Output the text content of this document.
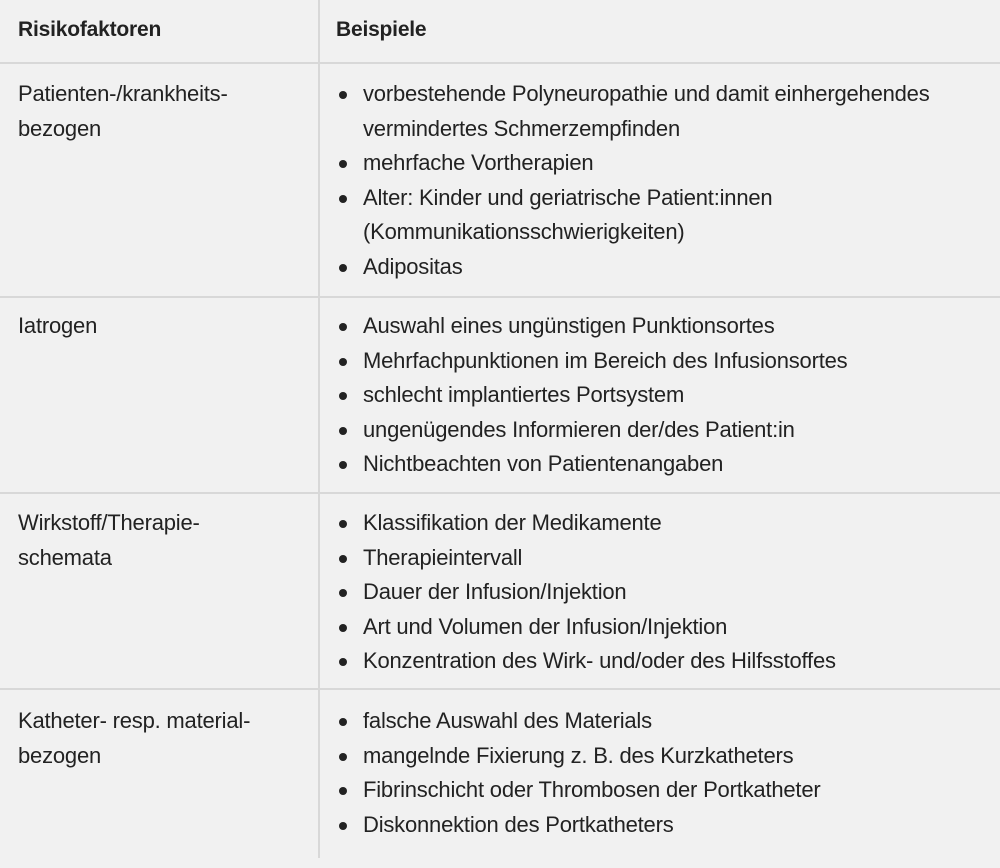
Risikofaktoren	Beispiele
Patienten-/krankheits-
bezogen
vorbestehende Polyneuropathie und damit einhergehendes vermindertes Schmerzempfinden
mehrfache Vortherapien
Alter: Kinder und geriatrische Patient:innen (Kommunikationsschwierigkeiten)
Adipositas
Iatrogen	Auswahl eines ungünstigen Punktionsortes
Mehrfachpunktionen im Bereich des Infusionsortes
schlecht implantiertes Portsystem
ungenügendes Informieren der/des Patient:in
Nichtbeachten von Patientenangaben
Wirkstoff/Therapie-
schemata
Klassifikation der Medikamente
Therapieintervall
Dauer der Infusion/Injektion
Art und Volumen der Infusion/Injektion
Konzentration des Wirk- und/oder des Hilfsstoffes
Katheter- resp. material-
bezogen
falsche Auswahl des Materials
mangelnde Fixierung z. B. des Kurzkatheters
Fibrinschicht oder Thrombosen der Portkatheter
Diskonnektion des Portkatheters
